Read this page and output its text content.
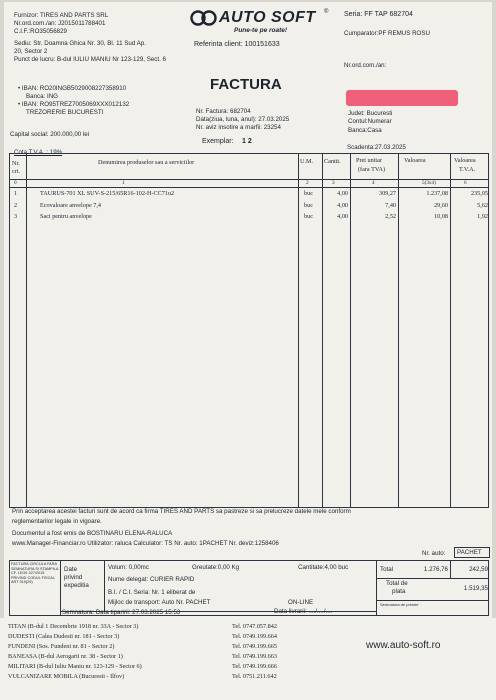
Furnizor: TIRES AND PARTS SRL
Nr.ord.com./an: J2015011788401
C.I.F.:RO35056829
Sediu: Str. Doamna Ghica Nr. 30, Bl. 11 Sud Ap.
20, Sector 2
Punct de lucru: B-dul IULIU MANIU Nr 123-129, Sect. 6
AUTO SOFT ®
Pune-te pe roate!
Seria: FF TAP 682704
Cumparator:PF REMUS ROSU
Referinta client: 100151633
Nr.ord.com./an:
• IBAN: RO20INGB5029008227358910
Banca: ING
• IBAN: RO95TREZ7005069XXX012132
TREZORERIE BUCURESTI
Capital social: 200.000,00 lei
FACTURA
Nr. Factura: 682704
Data(ziua, luna, anul): 27.03.2025
Nr. aviz insotire a marfii: 23254
Exemplar: 1 2
Judet: Bucuresti
Contul:Numerar
Banca:Casa
Cota T.V.A. : 19%
Scadenta:27.03.2025
Nr.
crt.
Denumirea produselor sau a serviciilor	U.M. Cantit. Pret unitar
(fara TVA)
Valoarea	Valoarea
T.V.A.
0	1	2	3	4	5(3x4)	6
1	TAURUS-701 XL SUV-S-215/65R16-102-H-CC71u2	buc	4,00	309,27	1.237,08	235,05
2	Ecovaloare anvelope 7,4	buc	4,00	7,40	29,60	5,62
3	Saci pentru anvelope	buc	4,00	2,52	10,08	1,92
Prin acceptarea acestei facturi sunt de acord ca firma TIRES AND PARTS sa pastreze si sa prelucreze datele mele conform
reglementarilor legale in vigoare.
Documentul a fost emis de BOSTINARU ELENA-RALUCA
www.Manager-Financiar.ro Utilizator: raluca Calculator: TS Nr. auto: 1PACHET Nr. deviz:1258406
Nr. auto: PACHET
FACTURA CIRCULA FARA SEMNATURA SI STAMPILA CF. LEGII 227/2015 PRIVIND CODUL FISCAL ART 319(29)
Date
privind
expeditia
Volum: 0,00mc	Greutate:0,00 Kg	Cantitate:4,00 buc
Nume delegat: CURIER RAPID
B.I. / C.I. Seria: Nr. 1 eliberat de
Mijloc de transport: Auto Nr. PACHET	ON-LINE
Semnatura: Data tiparirii: 27.03.2025 15:53	Data livrarii: ..../..../....
Total	1.276,76	242,59
Total de
plata	1.519,35
Semnatura de primire
TITAN (B-dul 1 Decembrie 1918 nr. 33A - Sector 3)	Tel. 0747.057.842
DUDESTI (Calea Dudesti nr. 181 - Sector 3)	Tel. 0749.199.664
FUNDENI (Sos. Fundeni nr. 81 - Sector 2)	Tel. 0749.199.665
BANEASA (B-dul Aerogarii nr. 38 - Sector 1)	Tel. 0749.199.663
MILITARI (B-dul Iuliu Maniu nr. 123-129 - Sector 6)	Tel. 0749.199.666
VULCANIZARE MOBILA (Bucuresti - Ilfov)	Tel. 0751.211.642
www.auto-soft.ro
